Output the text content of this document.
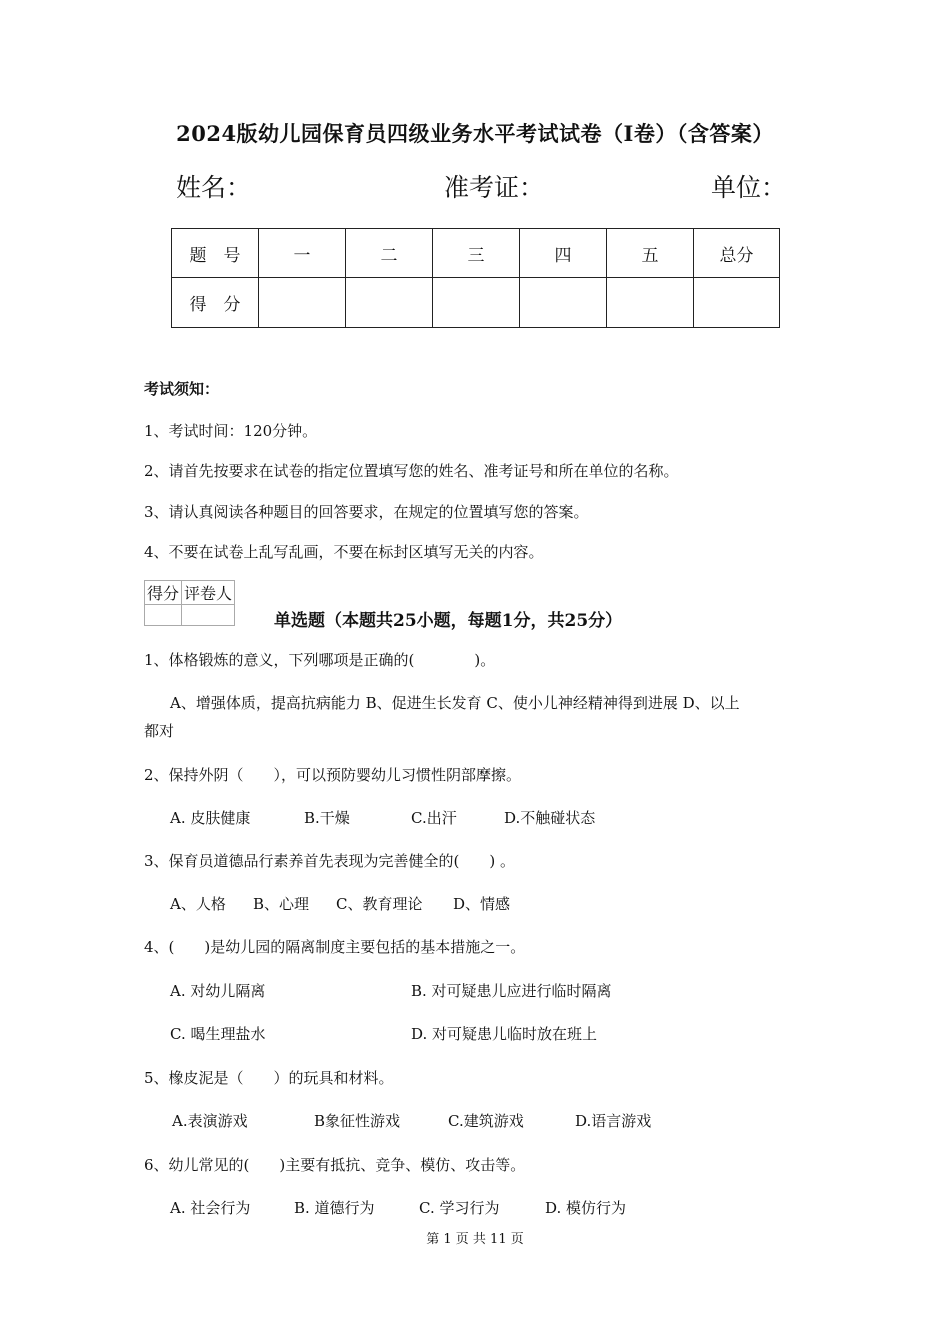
2024版幼儿园保育员四级业务水平考试试卷（I卷）（含答案）
姓名：	准考证：	单位：
题　号	一	二	三	四	五	总分
得　分						
考试须知：
1、考试时间：120分钟。
2、请首先按要求在试卷的指定位置填写您的姓名、准考证号和所在单位的名称。
3、请认真阅读各种题目的回答要求，在规定的位置填写您的答案。
4、不要在试卷上乱写乱画，不要在标封区填写无关的内容。
得分	评卷人

单选题（本题共25小题，每题1分，共25分）
1、体格锻炼的意义，下列哪项是正确的(　　　　)。
A、增强体质，提高抗病能力 B、促进生长发育 C、使小儿神经精神得到进展 D、以上
都对
2、保持外阴（　　），可以预防婴幼儿习惯性阴部摩擦。
A. 皮肤健康	B.干燥	C.出汗	D.不触碰状态
3、保育员道德品行素养首先表现为完善健全的(　　) 。
A、人格 B、心理 C、教育理论 D、情感
4、(　　)是幼儿园的隔离制度主要包括的基本措施之一。
A. 对幼儿隔离	B. 对可疑患儿应进行临时隔离
C. 喝生理盐水	D. 对可疑患儿临时放在班上
5、橡皮泥是（　　）的玩具和材料。
A.表演游戏	B象征性游戏	C.建筑游戏	D.语言游戏
6、幼儿常见的(　　)主要有抵抗、竞争、模仿、攻击等。
A. 社会行为	B. 道德行为	C. 学习行为	D. 模仿行为
第 1 页 共 11 页
